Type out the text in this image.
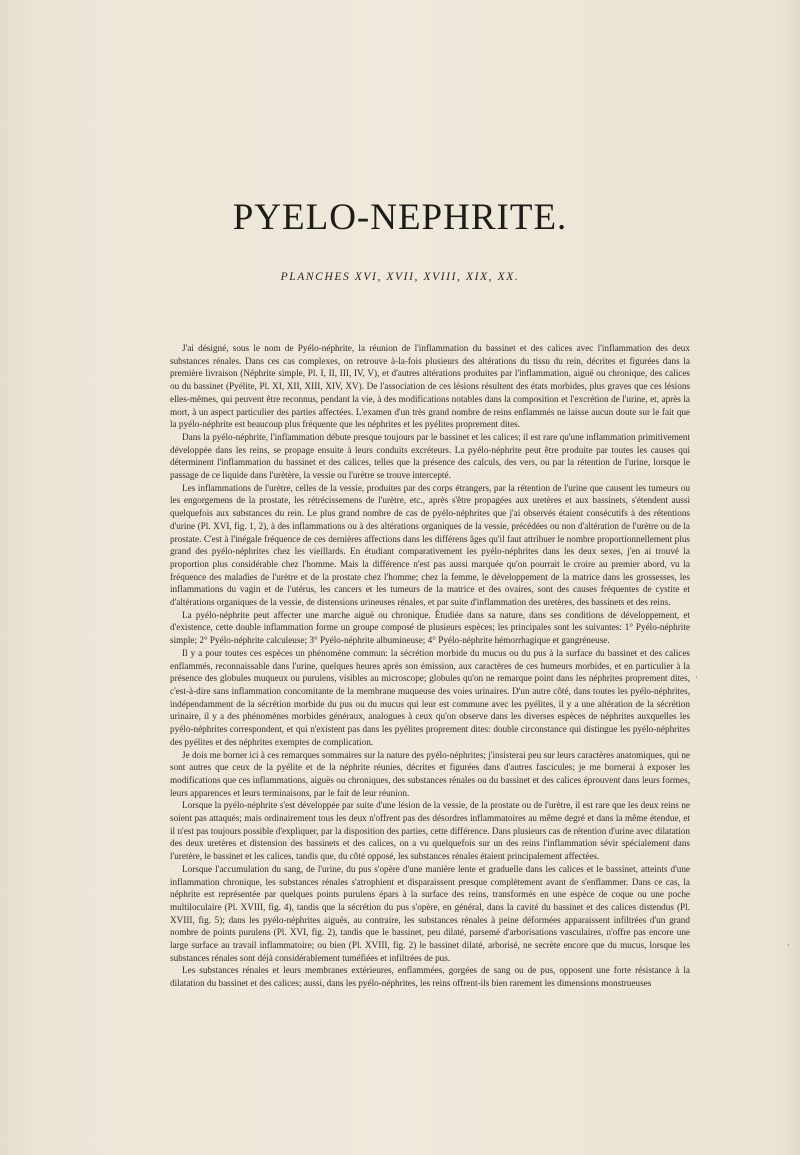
PYELO-NEPHRITE.
PLANCHES XVI, XVII, XVIII, XIX, XX.

J'ai désigné, sous le nom de Pyélo-néphrite, la réunion de l'inflammation du bassinet et des calices avec l'inflammation des deux substances rénales. Dans ces cas complexes, on retrouve à-la-fois plusieurs des altérations du tissu du rein, décrites et figurées dans la première livraison (Néphrite simple, Pl. I, II, III, IV, V), et d'autres altérations produites par l'inflammation, aiguë ou chronique, des calices ou du bassinet (Pyélite, Pl. XI, XII, XIII, XIV, XV). De l'association de ces lésions résultent des états morbides, plus graves que ces lésions elles-mêmes, qui peuvent être reconnus, pendant la vie, à des modifications notables dans la composition et l'excrétion de l'urine, et, après la mort, à un aspect particulier des parties affectées. L'examen d'un très grand nombre de reins enflammés ne laisse aucun doute sur le fait que la pyélo-néphrite est beaucoup plus fréquente que les néphrites et les pyélites proprement dites.

Dans la pyélo-néphrite, l'inflammation débute presque toujours par le bassinet et les calices; il est rare qu'une inflammation primitivement développée dans les reins, se propage ensuite à leurs conduits excréteurs. La pyélo-néphrite peut être produite par toutes les causes qui déterminent l'inflammation du bassinet et des calices, telles que la présence des calculs, des vers, ou par la rétention de l'urine, lorsque le passage de ce liquide dans l'urètère, la vessie ou l'urètre se trouve intercepté.

Les inflammations de l'urètre, celles de la vessie, produites par des corps étrangers, par la rétention de l'urine que causent les tumeurs ou les engorgemens de la prostate, les rétrécissemens de l'urètre, etc., après s'être propagées aux uretères et aux bassinets, s'étendent aussi quelquefois aux substances du rein. Le plus grand nombre de cas de pyélo-néphrites que j'ai observés étaient consécutifs à des rétentions d'urine (Pl. XVI, fig. 1, 2), à des inflammations ou à des altérations organiques de la vessie, précédées ou non d'altération de l'urètre ou de la prostate. C'est à l'inégale fréquence de ces dernières affections dans les différens âges qu'il faut attribuer le nombre proportionnellement plus grand des pyélo-néphrites chez les vieillards. En étudiant comparativement les pyélo-néphrites dans les deux sexes, j'en ai trouvé la proportion plus considérable chez l'homme. Mais la différence n'est pas aussi marquée qu'on pourrait le croire au premier abord, vu la fréquence des maladies de l'urètre et de la prostate chez l'homme; chez la femme, le développement de la matrice dans les grossesses, les inflammations du vagin et de l'utérus, les cancers et les tumeurs de la matrice et des ovaires, sont des causes fréquentes de cystite et d'altérations organiques de la vessie, de distensions urineuses rénales, et par suite d'inflammation des uretères, des bassinets et des reins.

La pyélo-néphrite peut affecter une marche aiguë ou chronique. Étudiée dans sa nature, dans ses conditions de développement, et d'existence, cette double inflammation forme un groupe composé de plusieurs espèces; les principales sont les suivantes: 1° Pyélo-néphrite simple; 2° Pyélo-néphrite calculeuse; 3° Pyélo-néphrite albumineuse; 4° Pyélo-néphrite hémorrhagique et gangréneuse.

Il y a pour toutes ces espèces un phénomène commun: la sécrétion morbide du mucus ou du pus à la surface du bassinet et des calices enflammés, reconnaissable dans l'urine, quelques heures après son émission, aux caractères de ces humeurs morbides, et en particulier à la présence des globules muqueux ou purulens, visibles au microscope; globules qu'on ne remarque point dans les néphrites proprement dites, c'est-à-dire sans inflammation concomitante de la membrane muqueuse des voies urinaires. D'un autre côté, dans toutes les pyélo-néphrites, indépendamment de la sécrétion morbide du pus ou du mucus qui leur est commune avec les pyélites, il y a une altération de la sécrétion urinaire, il y a des phénomènes morbides généraux, analogues à ceux qu'on observe dans les diverses espèces de néphrites auxquelles les pyélo-néphrites correspondent, et qui n'existent pas dans les pyélites proprement dites: double circonstance qui distingue les pyélo-néphrites des pyélites et des néphrites exemptes de complication.

Je dois me borner ici à ces remarques sommaires sur la nature des pyélo-néphrites; j'insisterai peu sur leurs caractères anatomiques, qui ne sont autres que ceux de la pyélite et de la néphrite réunies, décrites et figurées dans d'autres fascicules; je me bornerai à exposer les modifications que ces inflammations, aiguës ou chroniques, des substances rénales ou du bassinet et des calices éprouvent dans leurs formes, leurs apparences et leurs terminaisons, par le fait de leur réunion.

Lorsque la pyélo-néphrite s'est développée par suite d'une lésion de la vessie, de la prostate ou de l'urètre, il est rare que les deux reins ne soient pas attaqués; mais ordinairement tous les deux n'offrent pas des désordres inflammatoires au même degré et dans la même étendue, et il n'est pas toujours possible d'expliquer, par la disposition des parties, cette différence. Dans plusieurs cas de rétention d'urine avec dilatation des deux uretères et distension des bassinets et des calices, on a vu quelquefois sur un des reins l'inflammation sévir spécialement dans l'uretère, le bassinet et les calices, tandis que, du côté opposé, les substances rénales étaient principalement affectées.

Lorsque l'accumulation du sang, de l'urine, du pus s'opère d'une manière lente et graduelle dans les calices et le bassinet, atteints d'une inflammation chronique, les substances rénales s'atrophient et disparaissent presque complètement avant de s'enflammer. Dans ce cas, la néphrite est représentée par quelques points purulens épars à la surface des reins, transformés en une espèce de coque ou une poche multiloculaire (Pl. XVIII, fig. 4), tandis que la sécrétion du pus s'opère, en général, dans la cavité du bassinet et des calices distendus (Pl. XVIII, fig. 5); dans les pyélo-néphrites aiguës, au contraire, les substances rénales à peine déformées apparaissent infiltrées d'un grand nombre de points purulens (Pl. XVI, fig. 2), tandis que le bassinet, peu dilaté, parsemé d'arborisations vasculaires, n'offre pas encore une large surface au travail inflammatoire; ou bien (Pl. XVIII, fig. 2) le bassinet dilaté, arborisé, ne secrète encore que du mucus, lorsque les substances rénales sont déjà considérablement tuméfiées et infiltrées de pus.

Les substances rénales et leurs membranes extérieures, enflammées, gorgées de sang ou de pus, opposent une forte résistance à la dilatation du bassinet et des calices; aussi, dans les pyélo-néphrites, les reins offrent-ils bien rarement les dimensions monstrueuses

·
·
